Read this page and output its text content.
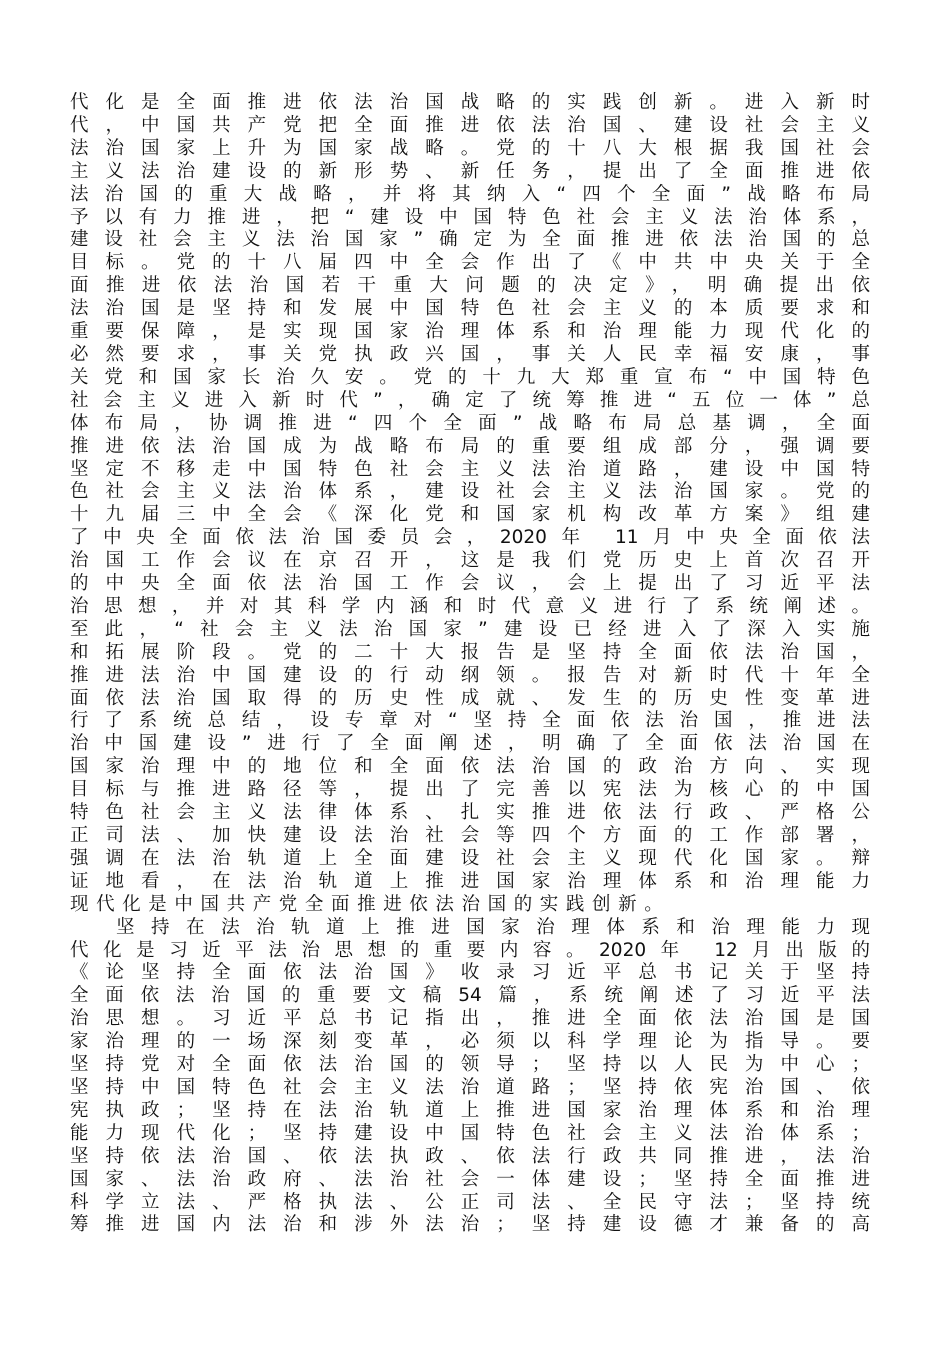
代化是全面推进依法治国战略的实践创新。进入新时
代，中国共产党把全面推进依法治国、建设社会主义
法治国家上升为国家战略。党的十八大根据我国社会
主义法治建设的新形势、新任务，提出了全面推进依
法治国的重大战略，并将其纳入“四个全面”战略布局
予以有力推进，把“建设中国特色社会主义法治体系，
建设社会主义法治国家”确定为全面推进依法治国的总
目标。党的十八届四中全会作出了《中共中央关于全
面推进依法治国若干重大问题的决定》，明确提出依
法治国是坚持和发展中国特色社会主义的本质要求和
重要保障，是实现国家治理体系和治理能力现代化的
必然要求，事关党执政兴国，事关人民幸福安康，事
关党和国家长治久安。党的十九大郑重宣布“中国特色
社会主义进入新时代”，确定了统筹推进“五位一体”总
体布局，协调推进“四个全面”战略布局总基调，全面
推进依法治国成为战略布局的重要组成部分，强调要
坚定不移走中国特色社会主义法治道路，建设中国特
色社会主义法治体系，建设社会主义法治国家。党的
十九届三中全会《深化党和国家机构改革方案》组建
了中央全面依法治国委员会，2020年 11月中央全面依法
治国工作会议在京召开，这是我们党历史上首次召开
的中央全面依法治国工作会议，会上提出了习近平法
治思想，并对其科学内涵和时代意义进行了系统阐述。
至此，“社会主义法治国家”建设已经进入了深入实施
和拓展阶段。党的二十大报告是坚持全面依法治国，
推进法治中国建设的行动纲领。报告对新时代十年全
面依法治国取得的历史性成就、发生的历史性变革进
行了系统总结，设专章对“坚持全面依法治国，推进法
治中国建设”进行了全面阐述，明确了全面依法治国在
国家治理中的地位和全面依法治国的政治方向、实现
目标与推进路径等，提出了完善以宪法为核心的中国
特色社会主义法律体系、扎实推进依法行政、严格公
正司法、加快建设法治社会等四个方面的工作部署，
强调在法治轨道上全面建设社会主义现代化国家。辩
证地看，在法治轨道上推进国家治理体系和治理能力
现代化是中国共产党全面推进依法治国的实践创新。
坚持在法治轨道上推进国家治理体系和治理能力现
代化是习近平法治思想的重要内容。2020年 12月出版的
《论坚持全面依法治国》收录习近平总书记关于坚持
全面依法治国的重要文稿54篇，系统阐述了习近平法
治思想。习近平总书记指出，推进全面依法治国是国
家治理的一场深刻变革，必须以科学理论为指导。要
坚持党对全面依法治国的领导；坚持以人民为中心；
坚持中国特色社会主义法治道路；坚持依宪治国、依
宪执政；坚持在法治轨道上推进国家治理体系和治理
能力现代化；坚持建设中国特色社会主义法治体系；
坚持依法治国、依法执政、依法行政共同推进，法治
国家、法治政府、法治社会一体建设；坚持全面推进
科学立法、严格执法、公正司法、全民守法；坚持统
筹推进国内法治和涉外法治；坚持建设德才兼备的高
